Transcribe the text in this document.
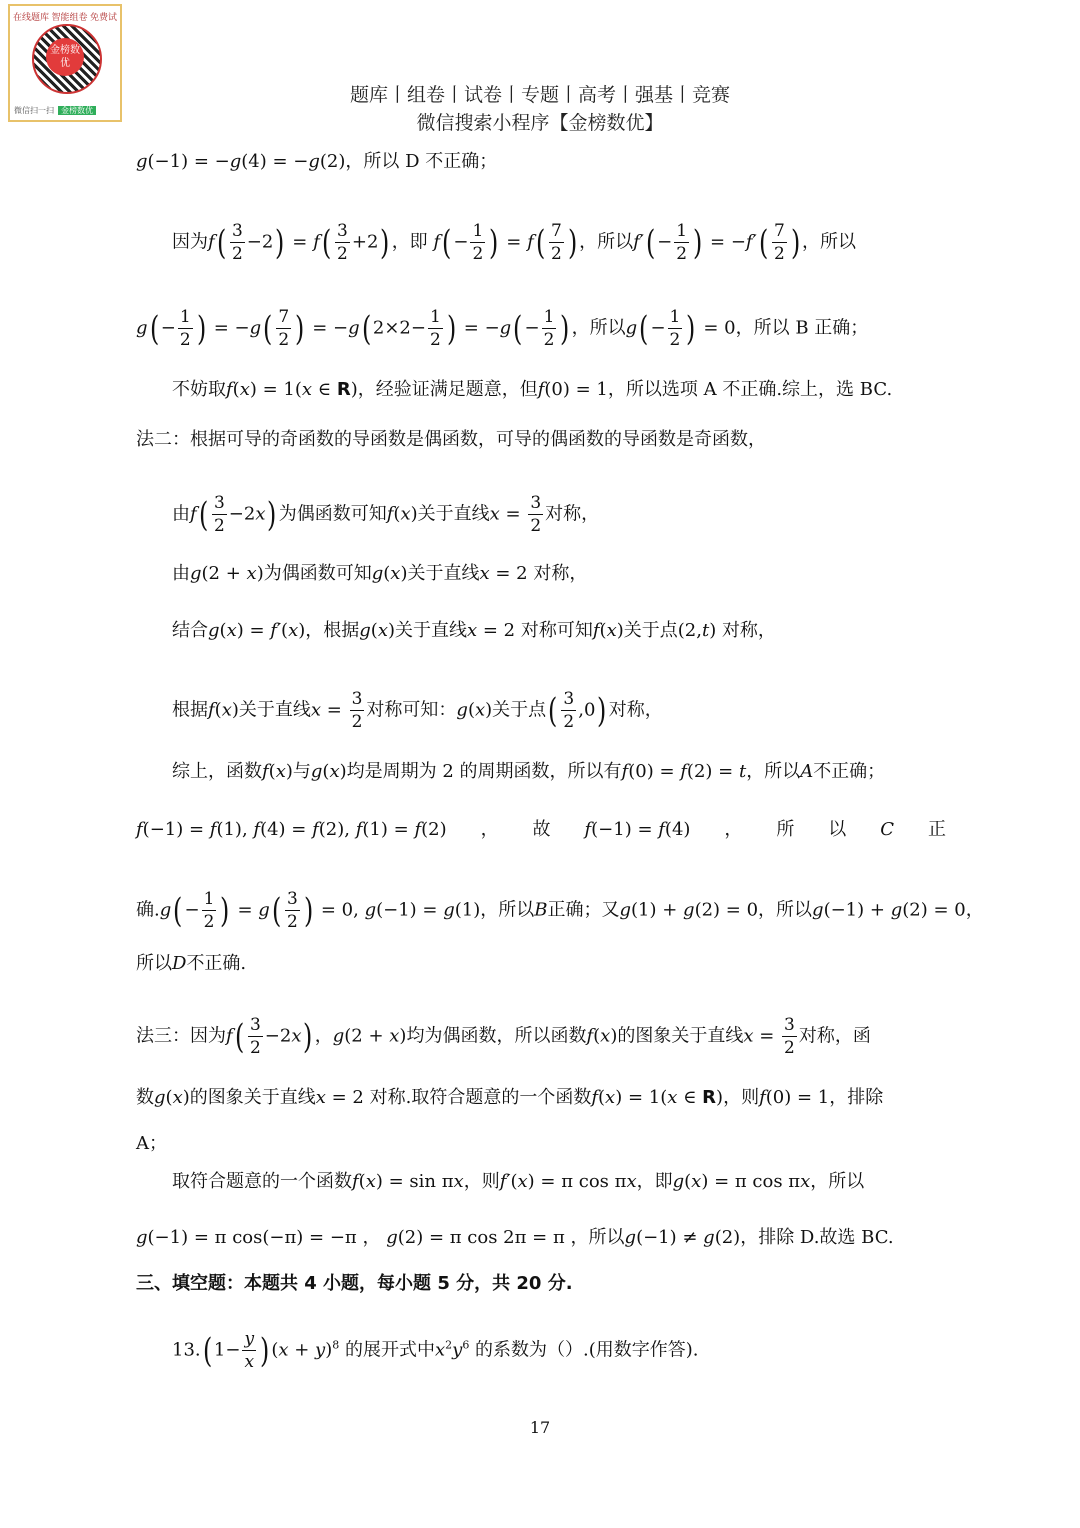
在线题库 智能组卷 免费试
金榜数优
微信扫一扫 金榜数优
题库丨组卷丨试卷丨专题丨高考丨强基丨竞赛
微信搜索小程序【金榜数优】
g(−1) = −g(4) = −g(2)，所以 D 不正确；
因为$f( \frac{3}{2} -2) = f( \frac{3}{2} +2)$ ，即 $f( - \frac{1}{2}$ ) = $f( \frac{7}{2}$ ) ，所以$f'( - \frac{1}{2}$ ) = $-f'( \frac{7}{2}$ ) ，所以
$g( - \frac{1}{2}$ ) = $-g( \frac{7}{2}$ ) = −g( $2\times 2- \frac{1}{2}$ ) = $-g( - \frac{1}{2}$ ) ，所以$g( - \frac{1}{2}$ ) = 0，所以 B 正确；
不妨取f(x) = 1(x ∈ R)，经验证满足题意，但f(0) = 1，所以选项 A 不正确.综上，选 BC.
法二：根据可导的奇函数的导函数是偶函数，可导的偶函数的导函数是奇函数，
由$f( \frac{3}{2} -2x)$ 为偶函数可知f(x)关于直线$x = \frac{3}{2}$ 对称，
由g(2 + x)为偶函数可知g(x)关于直线x = 2 对称，
结合g(x) = f′(x)，根据g(x)关于直线x = 2 对称可知f(x)关于点(2,t) 对称，
根据f(x)关于直线$x = \frac{3}{2}$ 对称可知：g(x)关于点( $\frac{3}{2} ,0$) 对称，
综上，函数f(x)与g(x)均是周期为 2 的周期函数，所以有f(0) = f(2) = t，所以A不正确；
f(−1) = f(1), f(4) = f(2), f(1) = f(2) ， 故 f(−1) = f(4) ， 所 以 C 正
确$.g( - \frac{1}{2}$ ) = $g( \frac{3}{2}$ ) = 0, g(−1) = g(1)，所以B正确；又g(1) + g(2) = 0，所以g(−1) + g(2) = 0，
所以D不正确.
法三：因为$f( \frac{3}{2} -2x)$ ，g(2 + x)均为偶函数，所以函数f(x)的图象关于直线$x = \frac{3}{2}$ 对称，函
数g(x)的图象关于直线x = 2 对称.取符合题意的一个函数f(x) = 1(x ∈ R)，则f(0) = 1，排除
A；
取符合题意的一个函数f(x) = sin πx，则f′(x) = π cos πx，即g(x) = π cos πx，所以
g(−1) = π cos(−π) = −π ， g(2) = π cos 2π = π ，所以g(−1) ≠ g(2)，排除 D.故选 BC.
三、填空题：本题共 4 小题，每小题 5 分，共 20 分.
13.( $1- \frac{y}{x}$ ) $(x + y)^8$ 的展开式中$x^2y^6$ 的系数为（）.(用数字作答).
17
